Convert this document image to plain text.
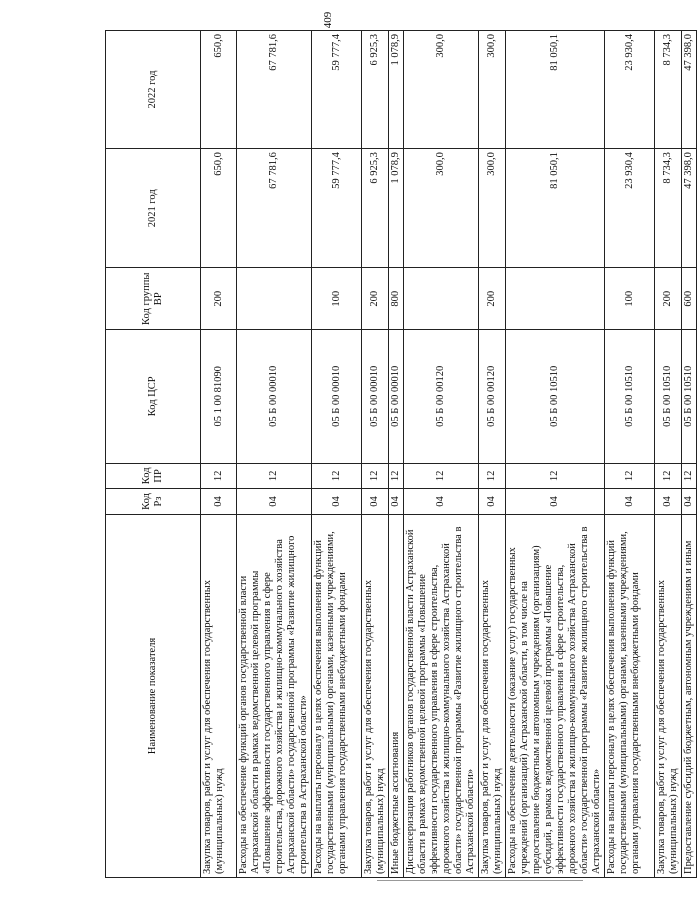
409
Наименование показателя	Код Рз	Код ПР	Код ЦСР	Код группы ВР	2021 год	2022 год
Закупка товаров, работ и услуг для обеспечения государственных (муниципальных) нужд	04	12	05 1 00 81090	200	650,0	650,0
Расходы на обеспечение функций органов государственной власти Астраханской области в рамках ведомственной целевой программы «Повышение эффективности государственного управления в сфере строительства, дорожного хозяйства и жилищно-коммунального хозяйства Астраханской области» государственной программы «Развитие жилищного строительства в Астраханской области»	04	12	05 Б 00 00010		67 781,6	67 781,6
Расходы на выплаты персоналу в целях обеспечения выполнения функций государственными (муниципальными) органами, казенными учреждениями, органами управления государственными внебюджетными фондами	04	12	05 Б 00 00010	100	59 777,4	59 777,4
Закупка товаров, работ и услуг для обеспечения государственных (муниципальных) нужд	04	12	05 Б 00 00010	200	6 925,3	6 925,3
Иные бюджетные ассигнования	04	12	05 Б 00 00010	800	1 078,9	1 078,9
Диспансеризация работников органов государственной власти Астраханской области в рамках ведомственной целевой программы «Повышение эффективности государственного управления в сфере строительства, дорожного хозяйства и жилищно-коммунального хозяйства Астраханской области» государственной программы «Развитие жилищного строительства в Астраханской области»	04	12	05 Б 00 00120		300,0	300,0
Закупка товаров, работ и услуг для обеспечения государственных (муниципальных) нужд	04	12	05 Б 00 00120	200	300,0	300,0
Расходы на обеспечение деятельности (оказание услуг) государственных учреждений (организаций) Астраханской области, в том числе на предоставление бюджетным и автономным учреждениям (организациям) субсидий, в рамках ведомственной целевой программы «Повышение эффективности государственного управления в сфере строительства, дорожного хозяйства и жилищно-коммунального хозяйства Астраханской области» государственной программы «Развитие жилищного строительства в Астраханской области»	04	12	05 Б 00 10510		81 050,1	81 050,1
Расходы на выплаты персоналу в целях обеспечения выполнения функций государственными (муниципальными) органами, казенными учреждениями, органами управления государственными внебюджетными фондами	04	12	05 Б 00 10510	100	23 930,4	23 930,4
Закупка товаров, работ и услуг для обеспечения государственных (муниципальных) нужд	04	12	05 Б 00 10510	200	8 734,3	8 734,3
Предоставление субсидий бюджетным, автономным учреждениям и иным	04	12	05 Б 00 10510	600	47 398,0	47 398,0
